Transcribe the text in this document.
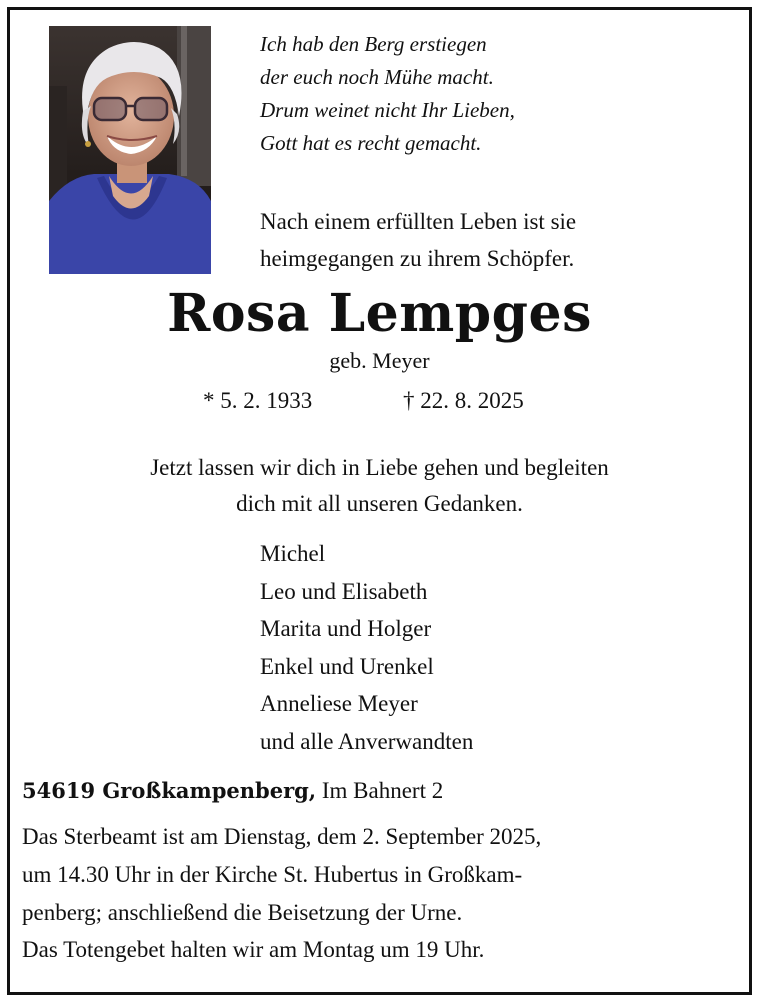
Ich hab den Berg erstiegen
der euch noch Mühe macht.
Drum weinet nicht Ihr Lieben,
Gott hat es recht gemacht.
Nach einem erfüllten Leben ist sie
heimgegangen zu ihrem Schöpfer.
Rosa Lempges
geb. Meyer
* 5. 2. 1933	† 22. 8. 2025
Jetzt lassen wir dich in Liebe gehen und begleiten
dich mit all unseren Gedanken.
Michel
Leo und Elisabeth
Marita und Holger
Enkel und Urenkel
Anneliese Meyer
und alle Anverwandten
54619 Großkampenberg, Im Bahnert 2
Das Sterbeamt ist am Dienstag, dem 2. September 2025,
um 14.30 Uhr in der Kirche St. Hubertus in Großkam-
penberg; anschließend die Beisetzung der Urne.
Das Totengebet halten wir am Montag um 19 Uhr.
